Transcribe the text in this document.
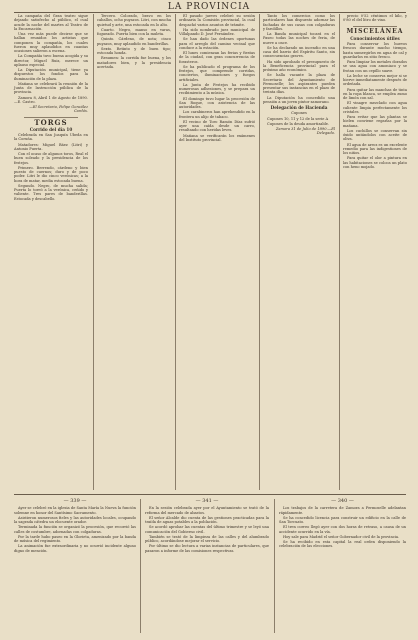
LA PROVINCIA

La campaña del Gran teatro sigue dejando satisfecho al público, el cual acude la noche del martes al Teatro de la Encarnación.

Una vez más puede decirse que se hallan reunidos los artistas que componen la compañía, los cuales fueron muy aplaudidos en cuantas ocasiones salieron a escena.

La Compañía tuvo buena acogida y su director, Miguel Ruiz, merece un aplauso especial.

La Diputación municipal, tiene ya dispuestos los fondos para la iluminación de la plaza.

Mañana se celebrará la reunión de la Junta de Instrucción pública de la provincia.

Zamora 8, Abril 1 de Agosto de 1890.—E. Castro.

—El Secretario, Felipe González Cardós.

TORGS
Corrido del día 10

Celebrada en San Joaquín Ubeda en la Coruña.

Matadores: Miguel Báez (Litri) y Antonio Puerta.

Con el ocaso de algunos toros, Real el buen soleado y la presidencia de los festejos.

Primero. Berrendo, cárdeno y bien puesto de cuernos; duro y de poco poder. Litri le dio cinco verónicas; a la hora de matar, media estocada buena.

Segundo. Negro, de mucha salida; Puerta lo toreó a la verónica, ceñido y valiente. Tres pares de banderillas. Estocada y descabello.

Tercero. Colorado, bravo en los caballos, ocho puyazos. Litri, con mucha quietud y arte, una estocada en lo alto.

Cuarto. Negro, manso en varas, fogueado. Puerta bien con la muleta.

Quinto. Cárdeno, de nota; cinco puyazos, muy aplaudido en banderillas.

Sexto. Retinto y de buen tipo; estocada honda.

Resumen: la corrida fue buena, y los matadores bien, y la presidencia acertada.

El pasado jueves celebró su sesión ordinaria la Comisión provincial, la cual despachó varios asuntos de trámite.

Ha sido nombrado juez municipal de Villalpando D. José Fernández.

Se han dado las órdenes oportunas para el arreglo del camino vecinal que conduce a la estación.

El lunes comienzan las ferias y fiestas de la ciudad, con gran concurrencia de forasteros.

Se ha publicado el programa de los festejos, que comprende corridas, conciertos, iluminaciones y fuegos artificiales.

La Junta de Festejos ha recibido numerosas adhesiones, y se prepara un recibimiento a la música.

El domingo tuvo lugar la procesión de San Roque, con asistencia de las autoridades.

Los carabineros han aprehendido en la frontera un alijo de tabaco.

El vecino de Toro Ramón Díaz sufrió ayer una caída desde un carro, resultando con heridas leves.

Mañana se verificarán los exámenes del Instituto provincial.

Tanto los comercios como los particulares han dispuesto adornar las fachadas de sus casas con colgaduras y farolillos.

La Banda municipal tocará en el Paseo todas las noches de feria, de nueve a once.

Se ha declarado un incendio en una casa del barrio del Espíritu Santo, sin consecuencias graves.

Ha sido aprobado el presupuesto de la Beneficencia provincial para el próximo año económico.

Se halla vacante la plaza de Secretario del Ayuntamiento de Fermoselle; los aspirantes pueden presentar sus instancias en el plazo de treinta días.

La Diputación ha concedido una pensión a un joven pintor zamorano.

Delegación de Hacienda

Cupones

Cupones 10, 11 y 12 de la serie A

Cupones de la deuda amortizable.

Zamora 31 de Julio de 1890.—El Delegado.

precio 0'52 céntimos el kilo, y 0'80 el del litro de vino.

MISCELÁNEA
Conocimientos útiles

Para conservar los huevos frescos durante mucho tiempo, basta sumergirlos en agua de cal y guardarlos en sitio fresco.

Para limpiar los metales dorados se usa agua con amoniaco y se frotan con un cepillo suave.

La leche se conserva mejor si se hierve inmediatamente después de ordeñada.

Para quitar las manchas de tinta en la ropa blanca, se emplea zumo de limón con sal.

El vinagre mezclado con agua caliente limpia perfectamente los cristales.

Para evitar que las plantas se hielen conviene regarlas por la mañana.

Los cuchillos se conservan sin óxido untándolos con aceite de oliva.

El agua de arroz es un excelente remedio para las indigestiones de los niños.

Para quitar el olor a pintura en las habitaciones se coloca un plato con heno mojado.

— 339 —

Ayer se celebró en la iglesia de Santa María la Nueva la función solemne en honor del Santísimo Sacramento.

Asistieron numerosos fieles y las autoridades locales, ocupando la sagrada cátedra un elocuente orador.

Terminada la función se organizó la procesión, que recorrió las calles de costumbre, adornadas con colgaduras.

Por la tarde hubo paseo en la Glorieta, amenizado por la banda de música del regimiento.

La animación fue extraordinaria y no ocurrió incidente alguno digno de mención.

— 341 —

En la sesión celebrada ayer por el Ayuntamiento se trató de la reforma del mercado de abastos.

El señor Alcalde dio cuenta de las gestiones practicadas para la traída de aguas potables a la población.

Se acordó aprobar las cuentas del último trimestre y se leyó una comunicación del Gobierno civil.

También se trató de la limpieza de las calles y del alumbrado público, acordándose mejorar el servicio.

Por último se dio lectura a varias instancias de particulares, que pasaron a informe de las comisiones respectivas.

— 340 —

Los trabajos de la carretera de Zamora a Fermoselle adelantan rápidamente.

Se ha concedido licencia para construir un edificio en la calle de San Torcuato.

El tren correo llegó ayer con dos horas de retraso, a causa de un accidente ocurrido en la vía.

Hoy sale para Madrid el señor Gobernador civil de la provincia.

Se ha recibido en esta capital la real orden disponiendo la celebración de las elecciones.
